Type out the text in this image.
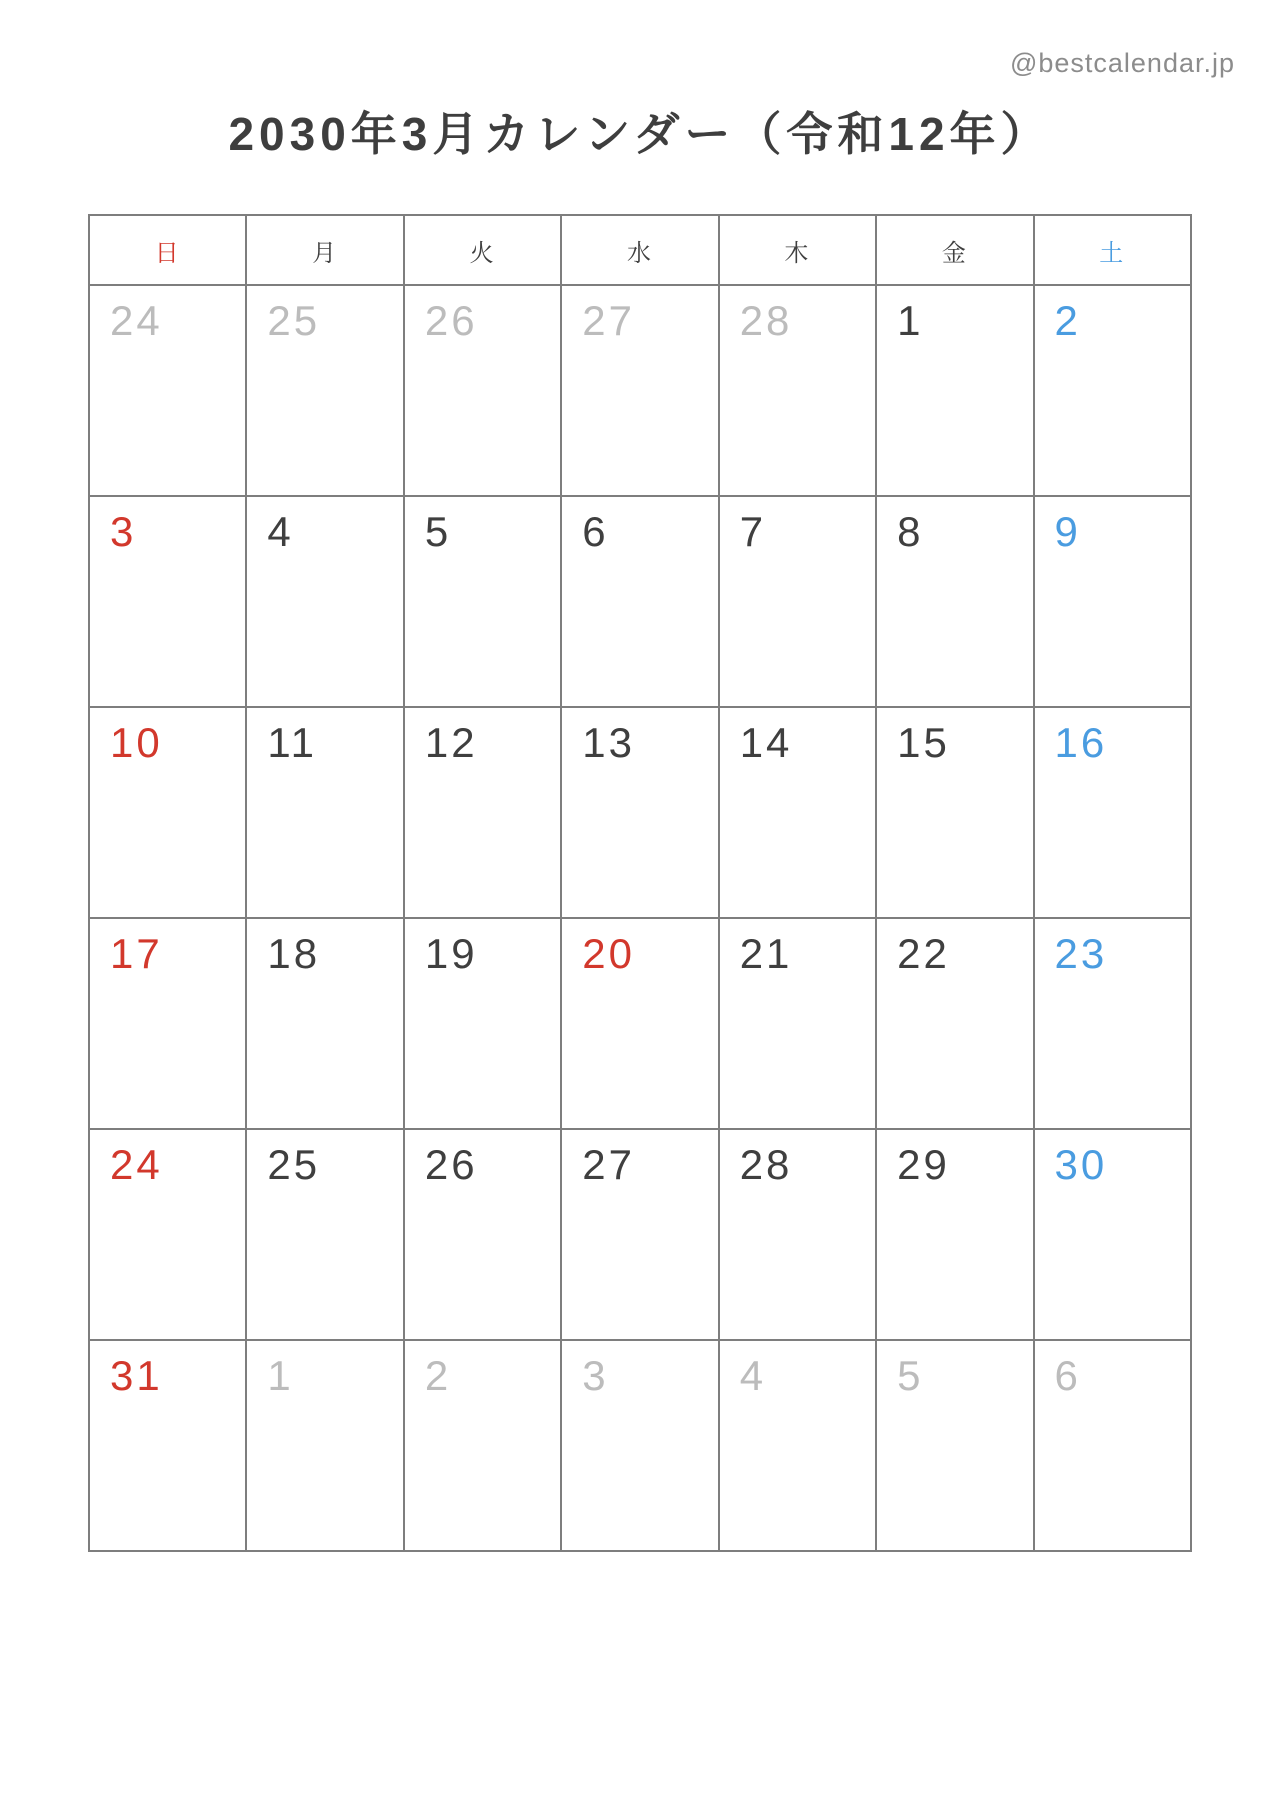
@bestcalendar.jp
2030年3月カレンダー（令和12年）
日	月	火	水	木	金	土
24	25	26	27	28	1	2
3	4	5	6	7	8	9
10	11	12	13	14	15	16
17	18	19	20	21	22	23
24	25	26	27	28	29	30
31	1	2	3	4	5	6
